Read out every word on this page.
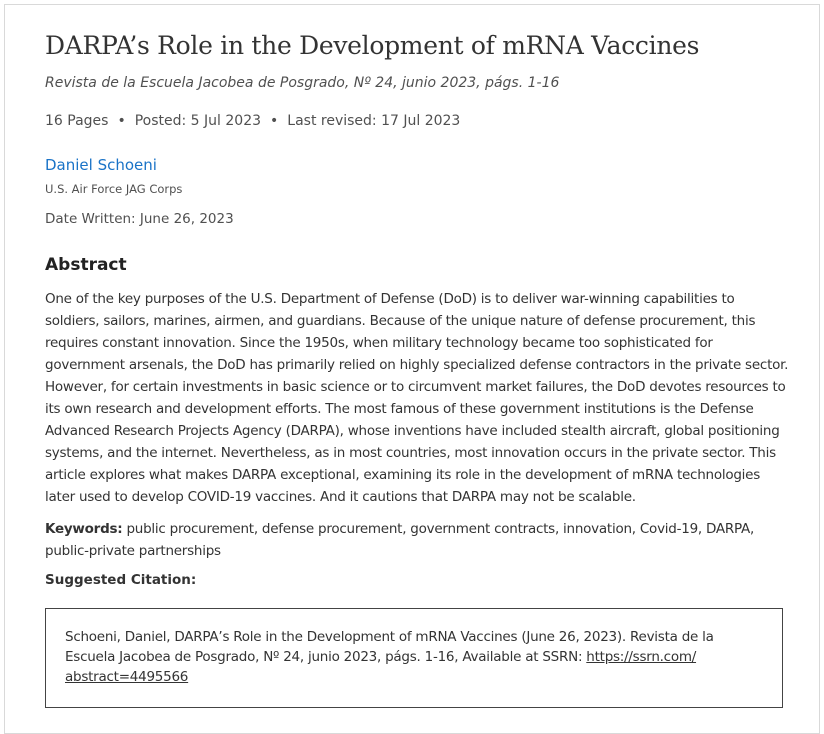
DARPA’s Role in the Development of mRNA Vaccines
Revista de la Escuela Jacobea de Posgrado, Nº 24, junio 2023, págs. 1-16
16 Pages • Posted: 5 Jul 2023 • Last revised: 17 Jul 2023
Daniel Schoeni
U.S. Air Force JAG Corps
Date Written: June 26, 2023
Abstract

One of the key purposes of the U.S. Department of Defense (DoD) is to deliver war-winning capabilities to soldiers, sailors, marines, airmen, and guardians. Because of the unique nature of defense procurement, this requires constant innovation. Since the 1950s, when military technology became too sophisticated for government arsenals, the DoD has primarily relied on highly specialized defense contractors in the private sector. However, for certain investments in basic science or to circumvent market failures, the DoD devotes resources to its own research and development efforts. The most famous of these government institutions is the Defense Advanced Research Projects Agency (DARPA), whose inventions have included stealth aircraft, global positioning systems, and the internet. Nevertheless, as in most countries, most innovation occurs in the private sector. This article explores what makes DARPA exceptional, examining its role in the development of mRNA technologies later used to develop COVID-19 vaccines. And it cautions that DARPA may not be scalable.

Keywords: public procurement, defense procurement, government contracts, innovation, Covid-19, DARPA, public-private partnerships
Suggested Citation:
Schoeni, Daniel, DARPA’s Role in the Development of mRNA Vaccines (June 26, 2023). Revista de la Escuela Jacobea de Posgrado, Nº 24, junio 2023, págs. 1-16, Available at SSRN: https://ssrn.com/
abstract=4495566
